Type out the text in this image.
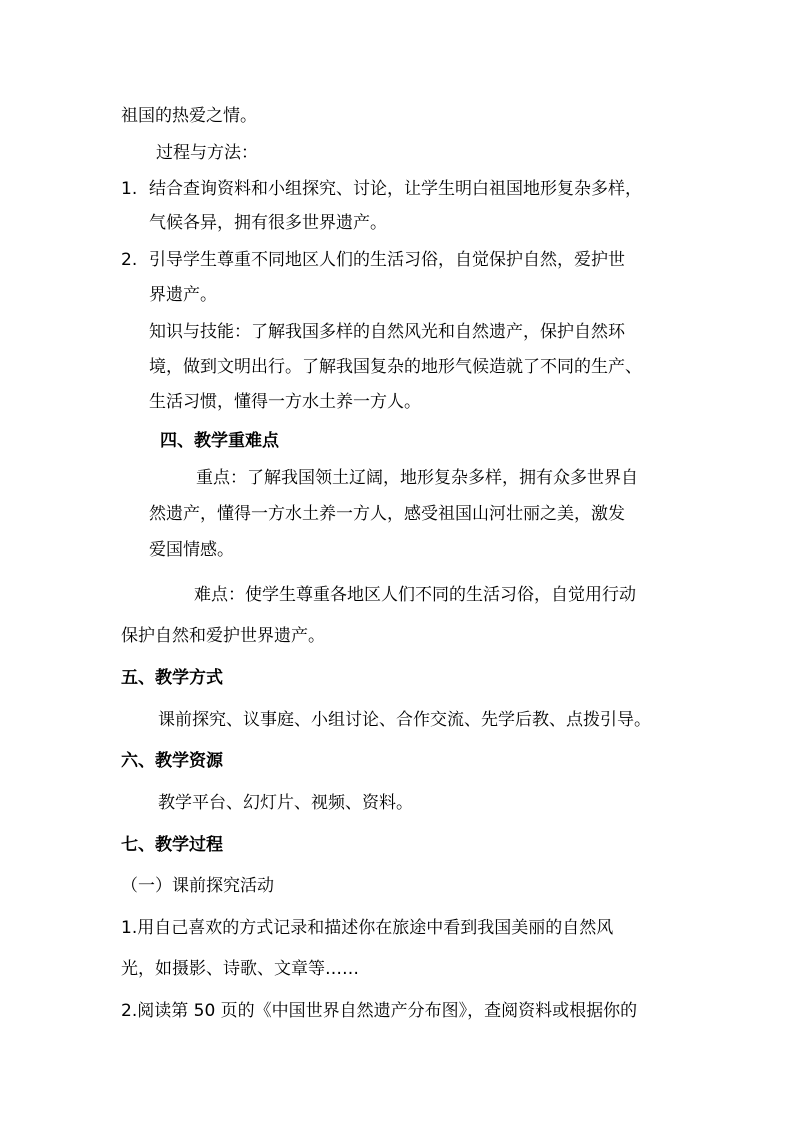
祖国的热爱之情。
过程与方法：
1. 结合查询资料和小组探究、讨论，让学生明白祖国地形复杂多样，
气候各异，拥有很多世界遗产。
2. 引导学生尊重不同地区人们的生活习俗，自觉保护自然，爱护世
界遗产。
知识与技能：了解我国多样的自然风光和自然遗产，保护自然环
境，做到文明出行。了解我国复杂的地形气候造就了不同的生产、
生活习惯，懂得一方水土养一方人。
四、教学重难点
重点：了解我国领土辽阔，地形复杂多样，拥有众多世界自
然遗产，懂得一方水土养一方人，感受祖国山河壮丽之美，激发
爱国情感。
难点：使学生尊重各地区人们不同的生活习俗，自觉用行动
保护自然和爱护世界遗产。
五、教学方式
课前探究、议事庭、小组讨论、合作交流、先学后教、点拨引导。
六、教学资源
教学平台、幻灯片、视频、资料。
七、教学过程
（一）课前探究活动
1.用自己喜欢的方式记录和描述你在旅途中看到我国美丽的自然风
光，如摄影、诗歌、文章等……
2.阅读第 50 页的《中国世界自然遗产分布图》，查阅资料或根据你的
